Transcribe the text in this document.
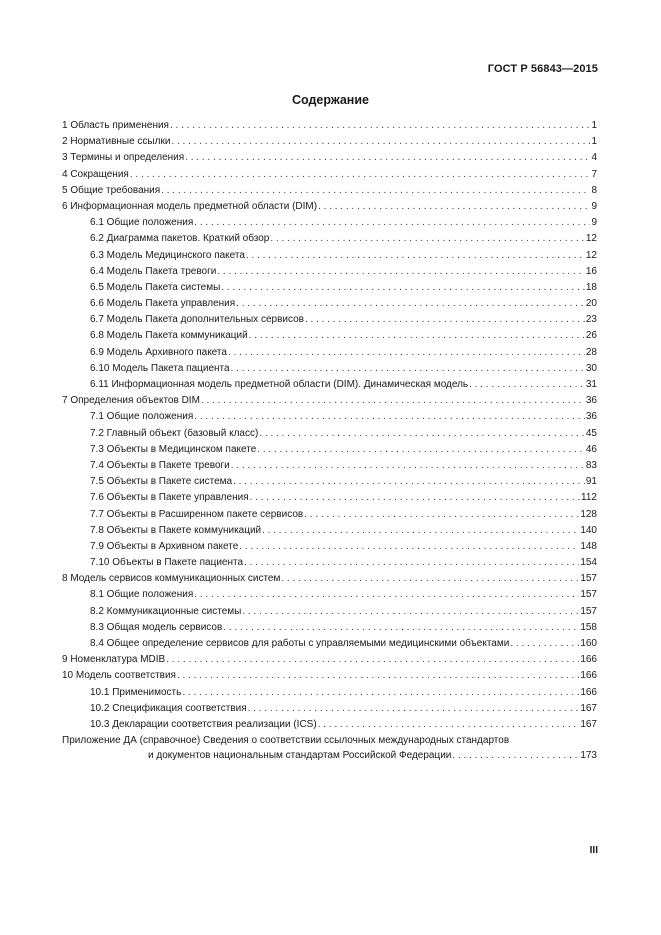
ГОСТ Р 56843—2015
Содержание
1 Область применения . . .	1
2 Нормативные ссылки . . .	1
3 Термины и определения . . .	4
4 Сокращения . . .	7
5 Общие требования . . .	8
6 Информационная модель предметной области (DIM) . . .	9
6.1 Общие положения . . .	9
6.2 Диаграмма пакетов. Краткий обзор . . .	12
6.3 Модель Медицинского пакета . . .	12
6.4 Модель Пакета тревоги . . .	16
6.5 Модель Пакета системы . . .	18
6.6 Модель Пакета управления . . .	20
6.7 Модель Пакета дополнительных сервисов . . .	23
6.8 Модель Пакета коммуникаций . . .	26
6.9 Модель Архивного пакета . . .	28
6.10 Модель Пакета пациента . . .	30
6.11 Информационная модель предметной области (DIM). Динамическая модель . . .	31
7 Определения объектов DIM . . .	36
7.1 Общие положения . . .	36
7.2 Главный объект (базовый класс) . . .	45
7.3 Объекты в Медицинском пакете . . .	46
7.4 Объекты в Пакете тревоги . . .	83
7.5 Объекты в Пакете система . . .	91
7.6 Объекты в Пакете управления . . .	112
7.7 Объекты в Расширенном пакете сервисов . . .	128
7.8 Объекты в Пакете коммуникаций . . .	140
7.9 Объекты в Архивном пакете . . .	148
7.10 Объекты в Пакете пациента . . .	154
8 Модель сервисов коммуникационных систем . . .	157
8.1 Общие положения . . .	157
8.2 Коммуникационные системы . . .	157
8.3 Общая модель сервисов . . .	158
8.4 Общее определение сервисов для работы с управляемыми медицинскими объектами . . .	160
9 Номенклатура MDIB . . .	166
10 Модель соответствия . . .	166
10.1 Применимость . . .	166
10.2 Спецификация соответствия . . .	167
10.3 Декларации соответствия реализации (ICS) . . .	167
Приложение ДА (справочное) Сведения о соответствии ссылочных международных стандартов
и документов национальным стандартам Российской Федерации . . .	173
III
